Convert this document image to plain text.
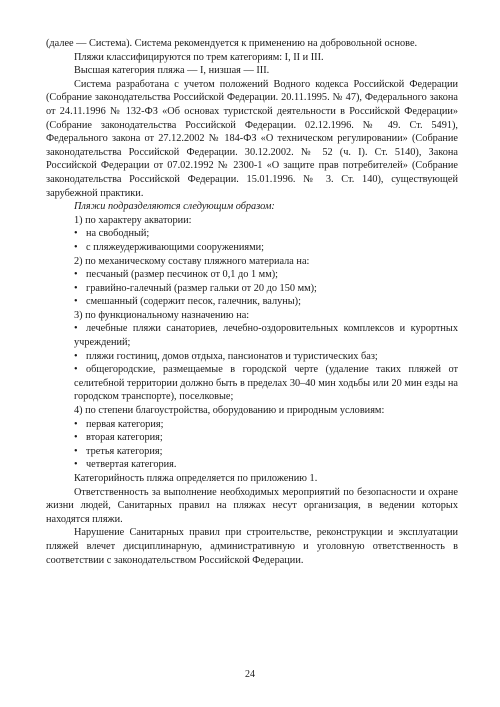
(далее — Система). Система рекомендуется к применению на добровольной основе.

Пляжи классифицируются по трем категориям: I, II и III.

Высшая категория пляжа — I, низшая — III.

Система разработана с учетом положений Водного кодекса Российской Федерации (Собрание законодательства Российской Федерации. 20.11.1995. № 47), Федерального закона от 24.11.1996 № 132-ФЗ «Об основах туристской деятельности в Российской Федерации» (Собрание законодательства Российской Федерации. 02.12.1996. № 49. Ст. 5491), Федерального закона от 27.12.2002 № 184-ФЗ «О техническом регулировании» (Собрание законодательства Российской Федерации. 30.12.2002. № 52 (ч. I). Ст. 5140), Закона Российской Федерации от 07.02.1992 № 2300-1 «О защите прав потребителей» (Собрание законодательства Российской Федерации. 15.01.1996. № 3. Ст. 140), существующей зарубежной практики.

Пляжи подразделяются следующим образом:

1) по характеру акватории:

• на свободный;

• с пляжеудерживающими сооружениями;

2) по механическому составу пляжного материала на:

• песчаный (размер песчинок от 0,1 до 1 мм);

• гравийно-галечный (размер гальки от 20 до 150 мм);

• смешанный (содержит песок, галечник, валуны);

3) по функциональному назначению на:

• лечебные пляжи санаториев, лечебно-оздоровительных комплексов и курортных учреждений;

• пляжи гостиниц, домов отдыха, пансионатов и туристических баз;

• общегородские, размещаемые в городской черте (удаление таких пляжей от селитебной территории должно быть в пределах 30–40 мин ходьбы или 20 мин езды на городском транспорте), поселковые;

4) по степени благоустройства, оборудованию и природным условиям:

• первая категория;

• вторая категория;

• третья категория;

• четвертая категория.

Категорийность пляжа определяется по приложению 1.

Ответственность за выполнение необходимых мероприятий по безопасности и охране жизни людей, Санитарных правил на пляжах несут организация, в ведении которых находятся пляжи.

Нарушение Санитарных правил при строительстве, реконструкции и эксплуатации пляжей влечет дисциплинарную, административную и уголовную ответственность в соответствии с законодательством Российской Федерации.

24
